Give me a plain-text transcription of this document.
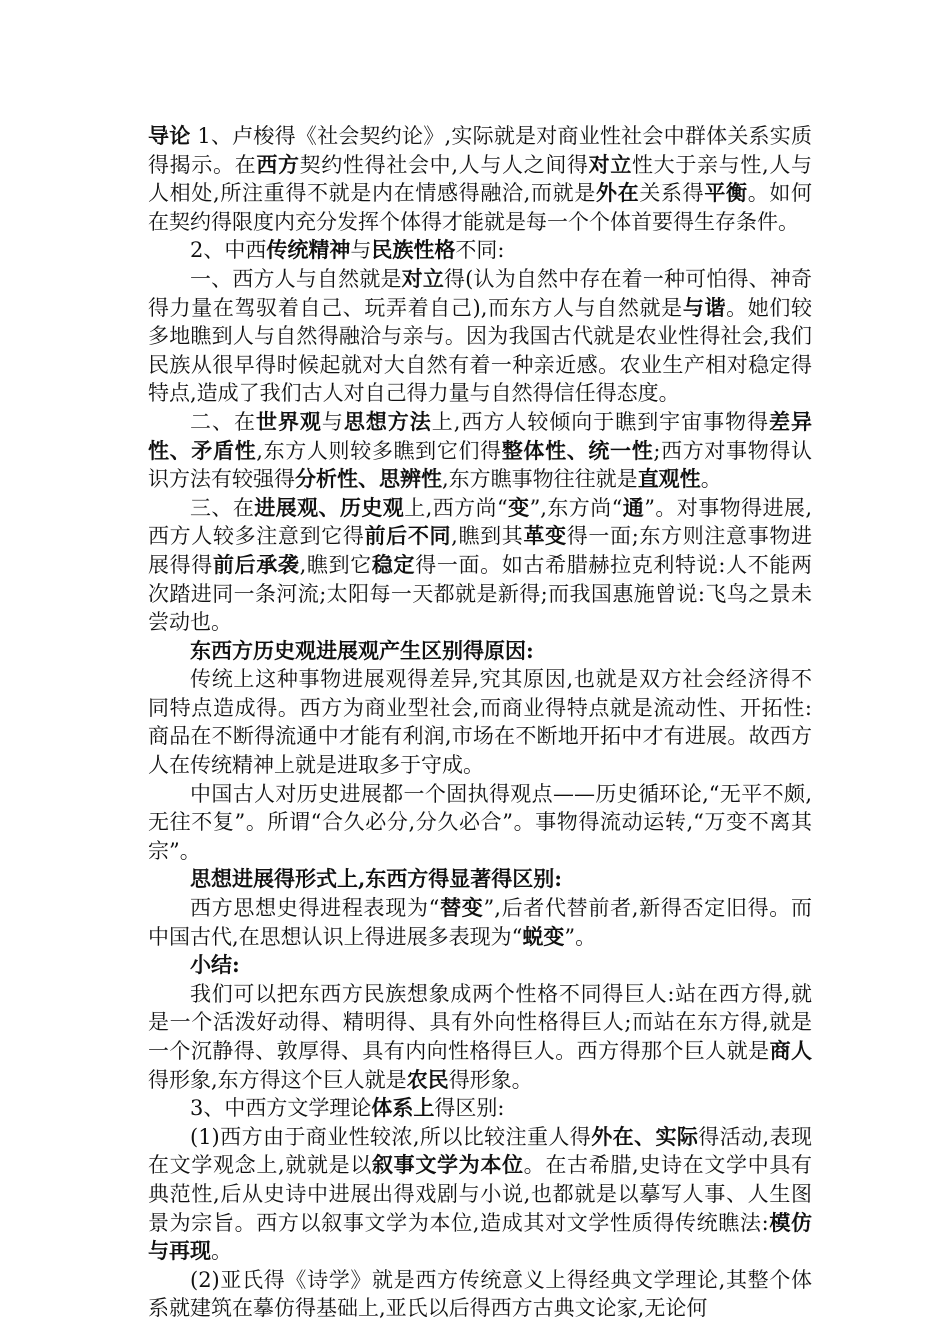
导论 1、卢梭得《社会契约论》,实际就是对商业性社会中群体关系实质得揭示。在西方契约性得社会中,人与人之间得对立性大于亲与性,人与人相处,所注重得不就是内在情感得融洽,而就是外在关系得平衡。如何在契约得限度内充分发挥个体得才能就是每一个个体首要得生存条件。

2、中西传统精神与民族性格不同:

一、西方人与自然就是对立得(认为自然中存在着一种可怕得、神奇得力量在驾驭着自己、玩弄着自己),而东方人与自然就是与谐。她们较多地瞧到人与自然得融洽与亲与。因为我国古代就是农业性得社会,我们民族从很早得时候起就对大自然有着一种亲近感。农业生产相对稳定得特点,造成了我们古人对自己得力量与自然得信任得态度。

二、在世界观与思想方法上,西方人较倾向于瞧到宇宙事物得差异性、矛盾性,东方人则较多瞧到它们得整体性、统一性;西方对事物得认识方法有较强得分析性、思辨性,东方瞧事物往往就是直观性。

三、在进展观、历史观上,西方尚“变”,东方尚“通”。对事物得进展,西方人较多注意到它得前后不同,瞧到其革变得一面;东方则注意事物进展得得前后承袭,瞧到它稳定得一面。如古希腊赫拉克利特说:人不能两次踏进同一条河流;太阳每一天都就是新得;而我国惠施曾说:飞鸟之景未尝动也。

东西方历史观进展观产生区别得原因:

传统上这种事物进展观得差异,究其原因,也就是双方社会经济得不同特点造成得。西方为商业型社会,而商业得特点就是流动性、开拓性:商品在不断得流通中才能有利润,市场在不断地开拓中才有进展。故西方人在传统精神上就是进取多于守成。

中国古人对历史进展都一个固执得观点——历史循环论,“无平不颇,无往不复”。所谓“合久必分,分久必合”。事物得流动运转,“万变不离其宗”。

思想进展得形式上,东西方得显著得区别:

西方思想史得进程表现为“替变”,后者代替前者,新得否定旧得。而中国古代,在思想认识上得进展多表现为“蜕变”。

小结:

我们可以把东西方民族想象成两个性格不同得巨人:站在西方得,就是一个活泼好动得、精明得、具有外向性格得巨人;而站在东方得,就是一个沉静得、敦厚得、具有内向性格得巨人。西方得那个巨人就是商人得形象,东方得这个巨人就是农民得形象。

3、中西方文学理论体系上得区别:

(1)西方由于商业性较浓,所以比较注重人得外在、实际得活动,表现在文学观念上,就就是以叙事文学为本位。在古希腊,史诗在文学中具有典范性,后从史诗中进展出得戏剧与小说,也都就是以摹写人事、人生图景为宗旨。西方以叙事文学为本位,造成其对文学性质得传统瞧法:模仿与再现。

(2)亚氏得《诗学》就是西方传统意义上得经典文学理论,其整个体系就建筑在摹仿得基础上,亚氏以后得西方古典文论家,无论何
